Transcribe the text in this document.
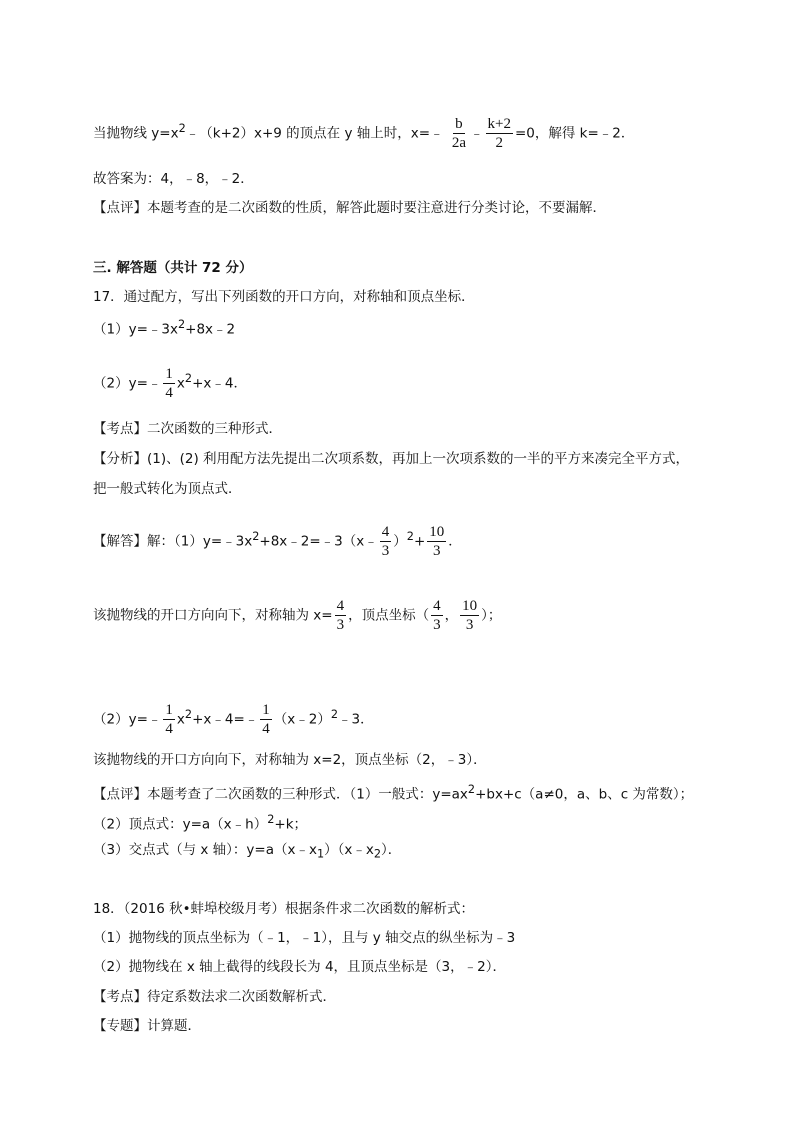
当抛物线 $y=x^2﹣(k+2)x+9$ 的顶点在 y 轴上时，x=﹣ $\frac{b}{2a}$ ﹣ $\frac{k+2}{2} =0$，解得 k=﹣2．
故答案为：4，﹣8，﹣2．
【点评】本题考查的是二次函数的性质，解答此题时要注意进行分类讨论，不要漏解．
三. 解答题（共计 72 分）
17．通过配方，写出下列函数的开口方向，对称轴和顶点坐标．
$(1)y=﹣3x^2+8x﹣2$
（2）y=﹣ $\frac{1}{4}$ $x^2+x﹣4$．
【考点】二次函数的三种形式．
【分析】(1)、(2) 利用配方法先提出二次项系数，再加上一次项系数的一半的平方来凑完全平方式，
把一般式转化为顶点式．
【解答】解：$(1)y=﹣3x^2+8x﹣2=﹣3(x﹣ \frac{4}{3} )^2+ \frac{10}{3}$ ．
该抛物线的开口方向向下，对称轴为 $x= \frac{4}{3}$ ，顶点坐标（ $\frac{4}{3}$ ， $\frac{10}{3}$ ）；
（2）y=﹣ $\frac{1}{4}$ $x^2+x﹣4=﹣ \frac{1}{4}$ （x﹣2）$^2$﹣3．
该抛物线的开口方向向下，对称轴为 x=2，顶点坐标（2，﹣3）．
【点评】本题考查了二次函数的三种形式．（1）一般式：$y=ax^2+bx+c(a\ne 0$，a、b、c 为常数）；
（2）顶点式：y=a（x﹣h）$^2$+k；
（3）交点式（与 x 轴）：$y=a(x﹣x_1)(x﹣x_2)$．
18．（2016 秋•蚌埠校级月考）根据条件求二次函数的解析式：
（1）抛物线的顶点坐标为（﹣1，﹣1），且与 y 轴交点的纵坐标为﹣3
（2）抛物线在 x 轴上截得的线段长为 4，且顶点坐标是（3，﹣2）．
【考点】待定系数法求二次函数解析式．
【专题】计算题．
